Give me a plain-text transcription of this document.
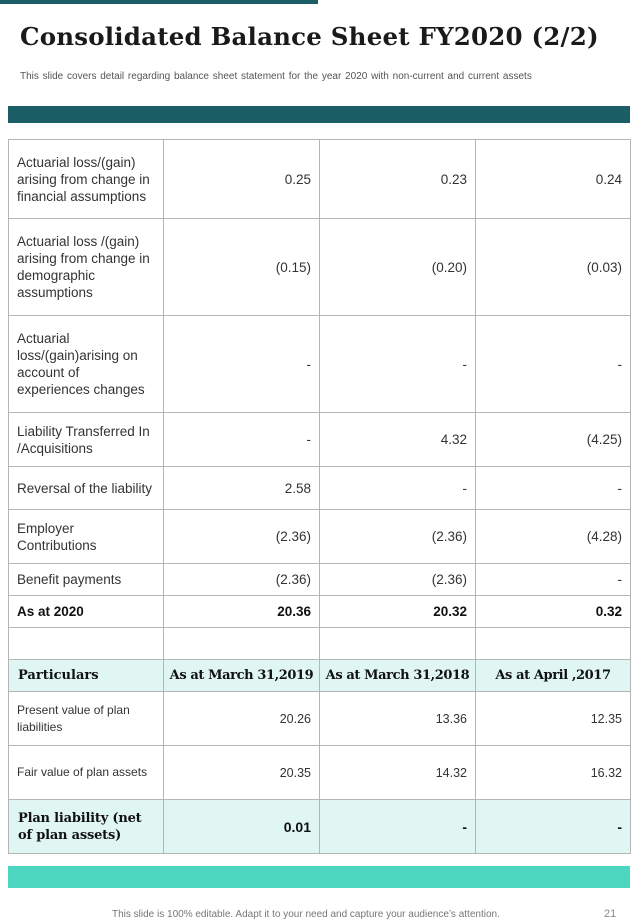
Consolidated Balance Sheet FY2020 (2/2)

This slide covers detail regarding balance sheet statement for the year 2020 with non-current and current assets

Actuarial loss/(gain) arising from change in financial assumptions	0.25	0.23	0.24
Actuarial loss /(gain) arising from change in demographic assumptions	(0.15)	(0.20)	(0.03)
Actuarial loss/(gain)arising on account of experiences changes	-	-	-
Liability Transferred In /Acquisitions	-	4.32	(4.25)
Reversal of the liability	2.58	-	-
Employer Contributions	(2.36)	(2.36)	(4.28)
Benefit payments	(2.36)	(2.36)	-
As at 2020	20.36	20.32	0.32

Particulars	As at March 31,2019	As at March 31,2018	As at April ,2017
Present value of plan liabilities	20.26	13.36	12.35
Fair value of plan assets	20.35	14.32	16.32
Plan liability (net of plan assets)	0.01	-	-

This slide is 100% editable. Adapt it to your need and capture your audience’s attention.	21
